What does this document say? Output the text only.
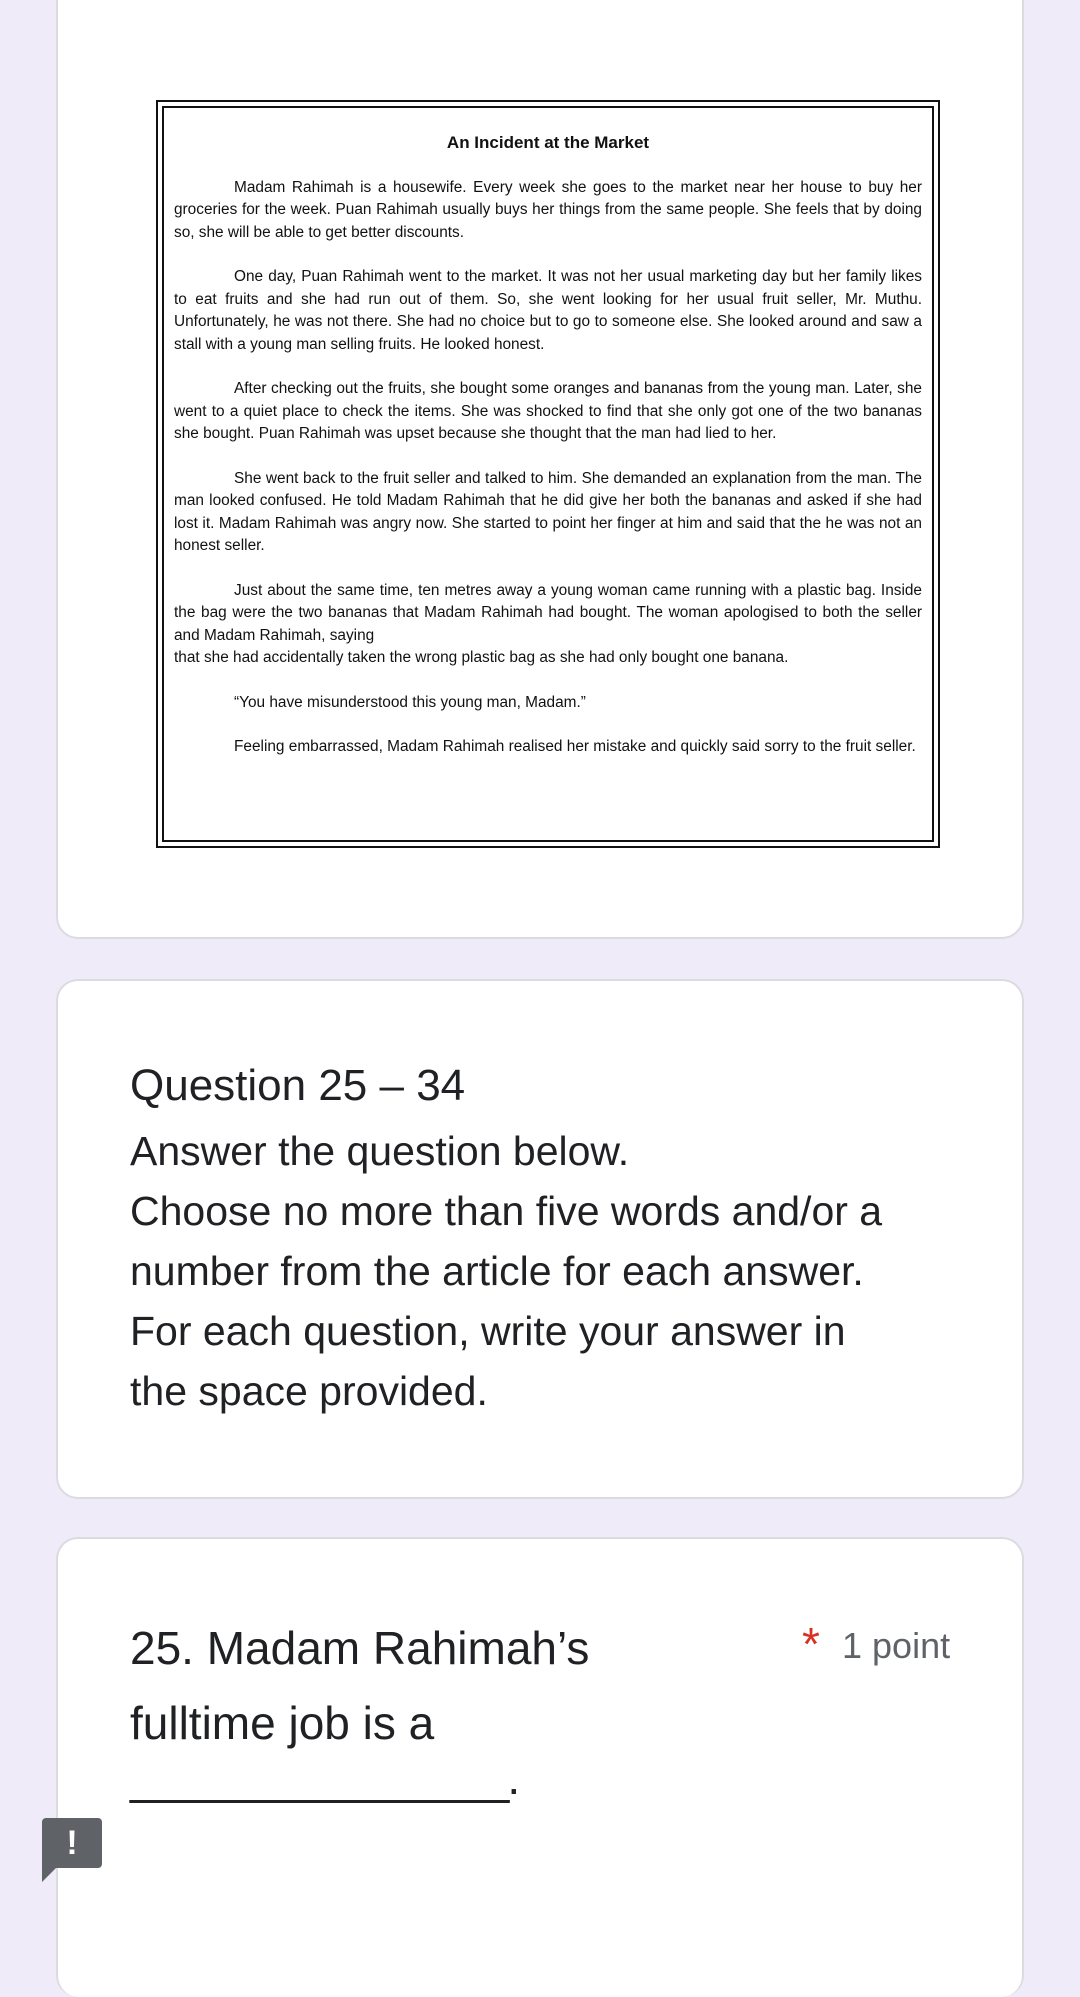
An Incident at the Market
Madam Rahimah is a housewife. Every week she goes to the market near her house to buy her groceries for the week. Puan Rahimah usually buys her things from the same people. She feels that by doing so, she will be able to get better discounts.
One day, Puan Rahimah went to the market. It was not her usual marketing day but her family likes to eat fruits and she had run out of them. So, she went looking for her usual fruit seller, Mr. Muthu. Unfortunately, he was not there. She had no choice but to go to someone else. She looked around and saw a stall with a young man selling fruits. He looked honest.
After checking out the fruits, she bought some oranges and bananas from the young man. Later, she went to a quiet place to check the items. She was shocked to find that she only got one of the two bananas she bought. Puan Rahimah was upset because she thought that the man had lied to her.
She went back to the fruit seller and talked to him. She demanded an explanation from the man. The man looked confused. He told Madam Rahimah that he did give her both the bananas and asked if she had lost it. Madam Rahimah was angry now. She started to point her finger at him and said that the he was not an honest seller.
Just about the same time, ten metres away a young woman came running with a plastic bag. Inside the bag were the two bananas that Madam Rahimah had bought. The woman apologised to both the seller and Madam Rahimah, saying
that she had accidentally taken the wrong plastic bag as she had only bought one banana.
“You have misunderstood this young man, Madam.”
Feeling embarrassed, Madam Rahimah realised her mistake and quickly said sorry to the fruit seller.
Question 25 – 34
Answer the question below.
Choose no more than five words and/or a
number from the article for each answer.
For each question, write your answer in
the space provided.
25. Madam Rahimah’s
fulltime job is a
* 1 point
________________.
!
